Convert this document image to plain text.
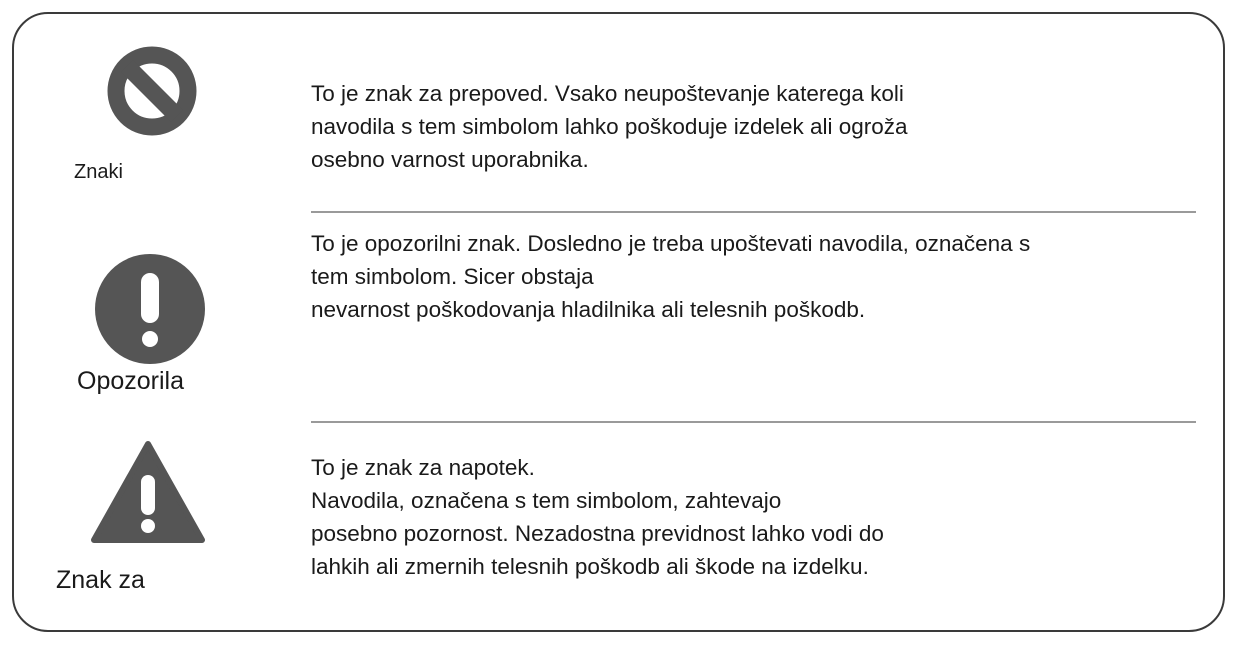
Znaki

To je znak za prepoved. Vsako neupoštevanje katerega koli
navodila s tem simbolom lahko poškoduje izdelek ali ogroža
osebno varnost uporabnika.

Opozorila

To je opozorilni znak. Dosledno je treba upoštevati navodila, označena s
tem simbolom. Sicer obstaja
nevarnost poškodovanja hladilnika ali telesnih poškodb.

Znak za

To je znak za napotek.
Navodila, označena s tem simbolom, zahtevajo
posebno pozornost. Nezadostna previdnost lahko vodi do
lahkih ali zmernih telesnih poškodb ali škode na izdelku.
